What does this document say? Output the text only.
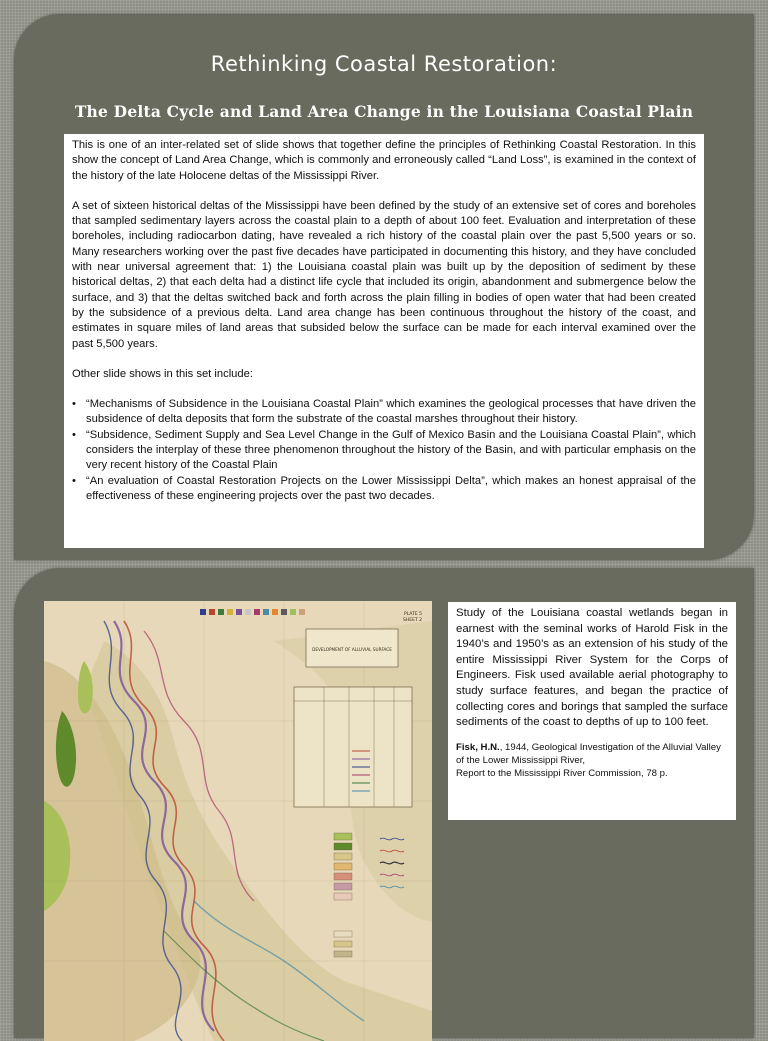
Rethinking Coastal Restoration:
The Delta Cycle and Land Area Change in the Louisiana Coastal Plain

This is one of an inter-related set of slide shows that together define the principles of Rethinking Coastal Restoration. In this show the concept of Land Area Change, which is commonly and erroneously called “Land Loss”, is examined in the context of the history of the late Holocene deltas of the Mississippi River.

A set of sixteen historical deltas of the Mississippi have been defined by the study of an extensive set of cores and boreholes that sampled sedimentary layers across the coastal plain to a depth of about 100 feet. Evaluation and interpretation of these boreholes, including radiocarbon dating, have revealed a rich history of the coastal plain over the past 5,500 years or so. Many researchers working over the past five decades have participated in documenting this history, and they have concluded with near universal agreement that: 1) the Louisiana coastal plain was built up by the deposition of sediment by these historical deltas, 2) that each delta had a distinct life cycle that included its origin, abandonment and submergence below the surface, and 3) that the deltas switched back and forth across the plain filling in bodies of open water that had been created by the subsidence of a previous delta. Land area change has been continuous throughout the history of the coast, and estimates in square miles of land areas that subsided below the surface can be made for each interval examined over the past 5,500 years.

Other slide shows in this set include:

• “Mechanisms of Subsidence in the Louisiana Coastal Plain” which examines the geological processes that have driven the subsidence of delta deposits that form the substrate of the coastal marshes throughout their history.
• “Subsidence, Sediment Supply and Sea Level Change in the Gulf of Mexico Basin and the Louisiana Coastal Plain”, which considers the interplay of these three phenomenon throughout the history of the Basin, and with particular emphasis on the very recent history of the Coastal Plain
• “An evaluation of Coastal Restoration Projects on the Lower Mississippi Delta”, which makes an honest appraisal of the effectiveness of these engineering projects over the past two decades.
DEVELOPMENT OF ALLUVIAL SURFACE
PLATE 5
SHEET 2

Study of the Louisiana coastal wetlands began in earnest with the seminal works of Harold Fisk in the 1940’s and 1950’s as an extension of his study of the entire Mississippi River System for the Corps of Engineers. Fisk used available aerial photography to study surface features, and began the practice of collecting cores and borings that sampled the surface sediments of the coast to depths of up to 100 feet.

Fisk, H.N., 1944, Geological Investigation of the Alluvial Valley of the Lower Mississippi River,
Report to the Mississippi River Commission, 78 p.
